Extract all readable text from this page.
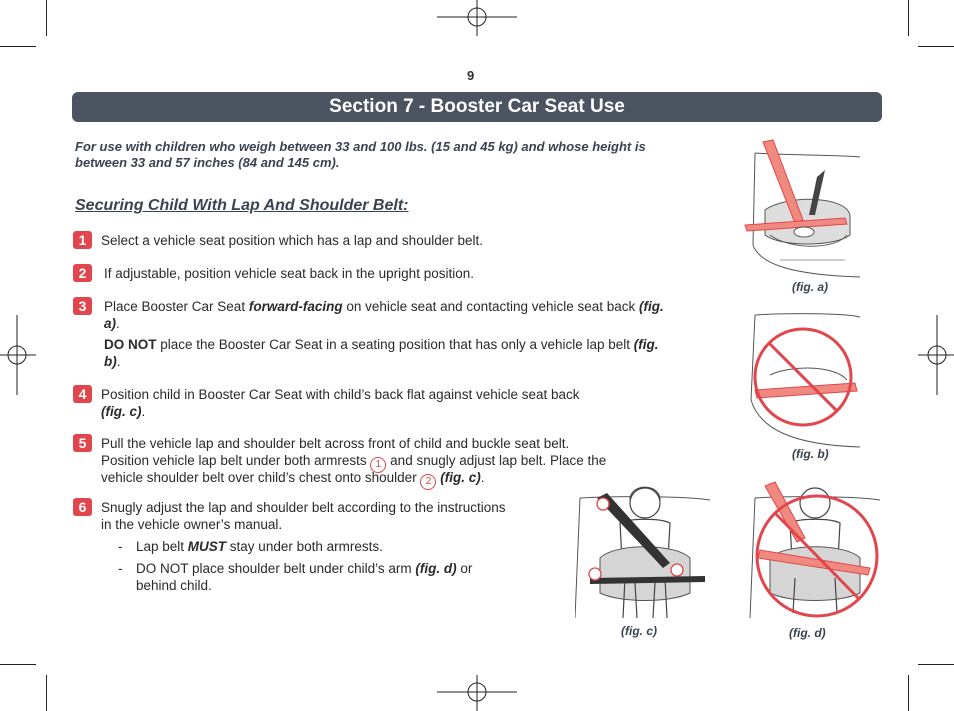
9
Section 7 - Booster Car Seat Use
For use with children who weigh between 33 and 100 lbs. (15 and 45 kg) and whose height is between 33 and 57 inches (84 and 145 cm).
Securing Child With Lap And Shoulder Belt:
1	Select a vehicle seat position which has a lap and shoulder belt.
2	If adjustable, position vehicle seat back in the upright position.
3	Place Booster Car Seat forward-facing on vehicle seat and contacting vehicle seat back (fig. a).
DO NOT place the Booster Car Seat in a seating position that has only a vehicle lap belt (fig. b).
4	Position child in Booster Car Seat with child’s back flat against vehicle seat back
(fig. c).
5	Pull the vehicle lap and shoulder belt across front of child and buckle seat belt.
Position vehicle lap belt under both armrests 1 and snugly adjust lap belt. Place the
vehicle shoulder belt over child’s chest onto shoulder 2 (fig. c).
6	Snugly adjust the lap and shoulder belt according to the instructions
in the vehicle owner’s manual.
- Lap belt MUST stay under both armrests.
- DO NOT place shoulder belt under child’s arm (fig. d) or
behind child.
(fig. a)
(fig. b)
(fig. c)	(fig. d)
